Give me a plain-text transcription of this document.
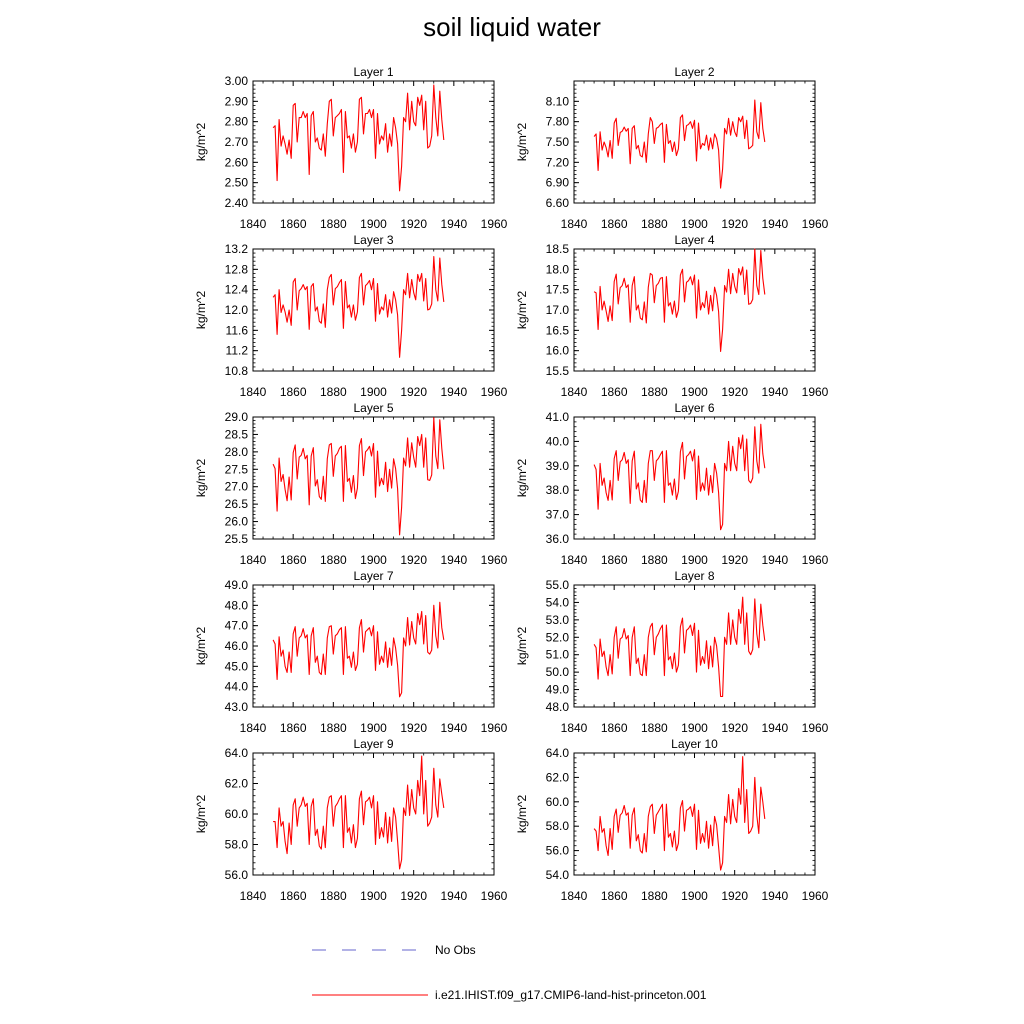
soil liquid water
Layer 1
kg/m^2
1840 1860 1880 1900 1920 1940 1960
2.40
2.50
2.60
2.70
2.80
2.90
3.00
Layer 2
kg/m^2
1840 1860 1880 1900 1920 1940 1960
6.60
6.90
7.20
7.50
7.80
8.10
Layer 3
kg/m^2
1840 1860 1880 1900 1920 1940 1960
10.8
11.2
11.6
12.0
12.4
12.8
13.2
Layer 4
kg/m^2
1840 1860 1880 1900 1920 1940 1960
15.5
16.0
16.5
17.0
17.5
18.0
18.5
Layer 5
kg/m^2
1840 1860 1880 1900 1920 1940 1960
25.5
26.0
26.5
27.0
27.5
28.0
28.5
29.0
Layer 6
kg/m^2
1840 1860 1880 1900 1920 1940 1960
36.0
37.0
38.0
39.0
40.0
41.0
Layer 7
kg/m^2
1840 1860 1880 1900 1920 1940 1960
43.0
44.0
45.0
46.0
47.0
48.0
49.0
Layer 8
kg/m^2
1840 1860 1880 1900 1920 1940 1960
48.0
49.0
50.0
51.0
52.0
53.0
54.0
55.0
Layer 9
kg/m^2
1840 1860 1880 1900 1920 1940 1960
56.0
58.0
60.0
62.0
64.0
Layer 10
kg/m^2
1840 1860 1880 1900 1920 1940 1960
54.0
56.0
58.0
60.0
62.0
64.0
No Obs
i.e21.IHIST.f09_g17.CMIP6-land-hist-princeton.001
